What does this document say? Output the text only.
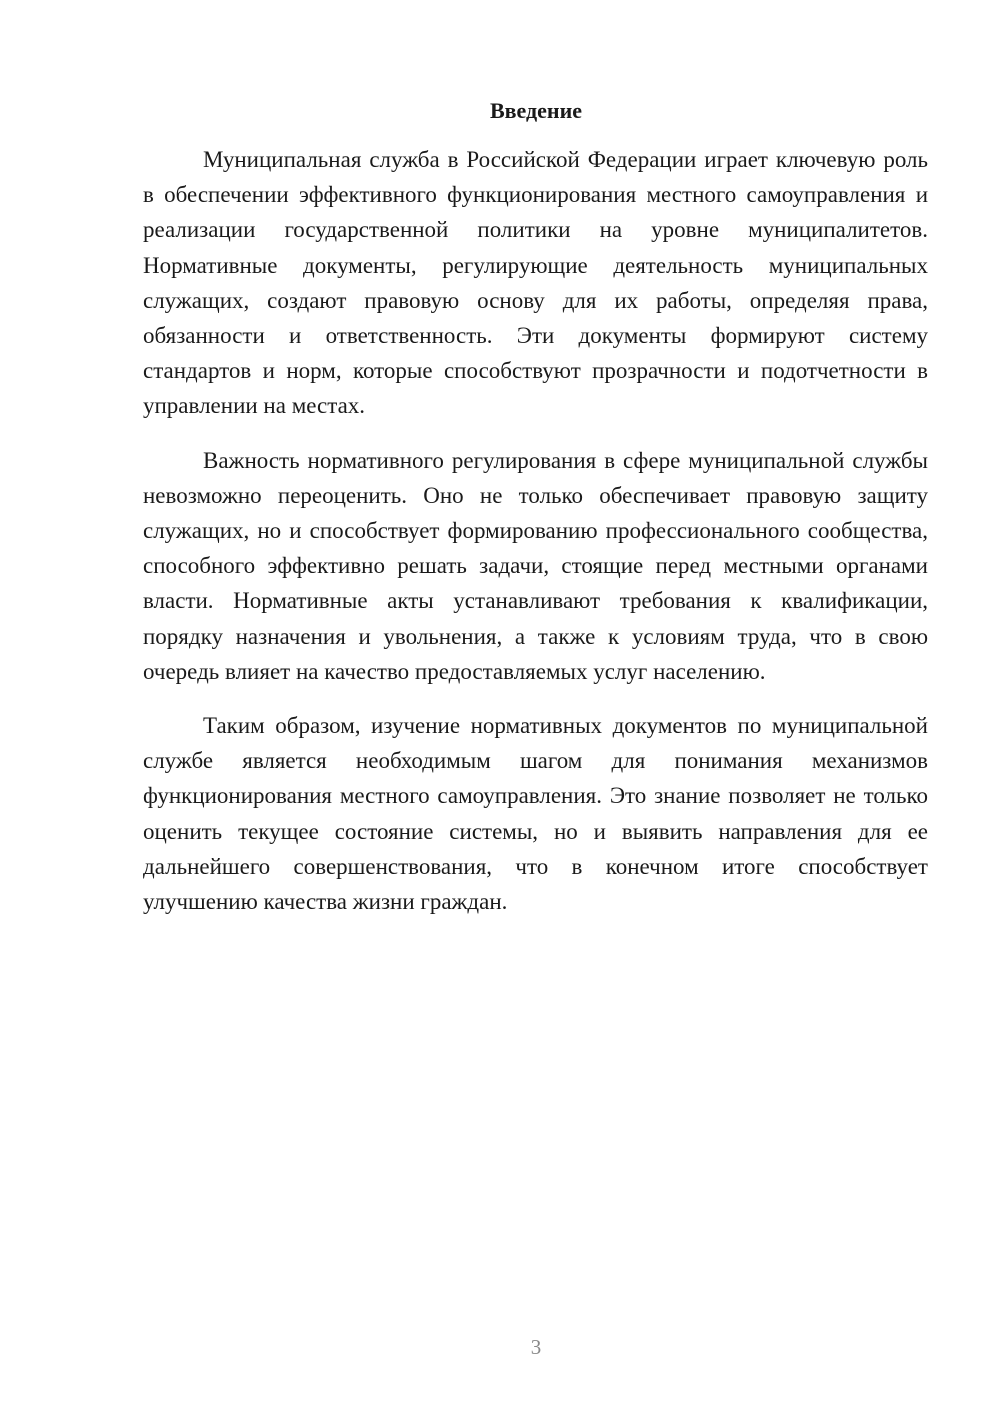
Введение

Муниципальная служба в Российской Федерации играет ключевую роль в обеспечении эффективного функционирования местного самоуправления и реализации государственной политики на уровне муниципалитетов. Нормативные документы, регулирующие деятельность муниципальных служащих, создают правовую основу для их работы, определяя права, обязанности и ответственность. Эти документы формируют систему стандартов и норм, которые способствуют прозрачности и подотчетности в управлении на местах.

Важность нормативного регулирования в сфере муниципальной службы невозможно переоценить. Оно не только обеспечивает правовую защиту служащих, но и способствует формированию профессионального сообщества, способного эффективно решать задачи, стоящие перед местными органами власти. Нормативные акты устанавливают требования к квалификации, порядку назначения и увольнения, а также к условиям труда, что в свою очередь влияет на качество предоставляемых услуг населению.

Таким образом, изучение нормативных документов по муниципальной службе является необходимым шагом для понимания механизмов функционирования местного самоуправления. Это знание позволяет не только оценить текущее состояние системы, но и выявить направления для ее дальнейшего совершенствования, что в конечном итоге способствует улучшению качества жизни граждан.

3
